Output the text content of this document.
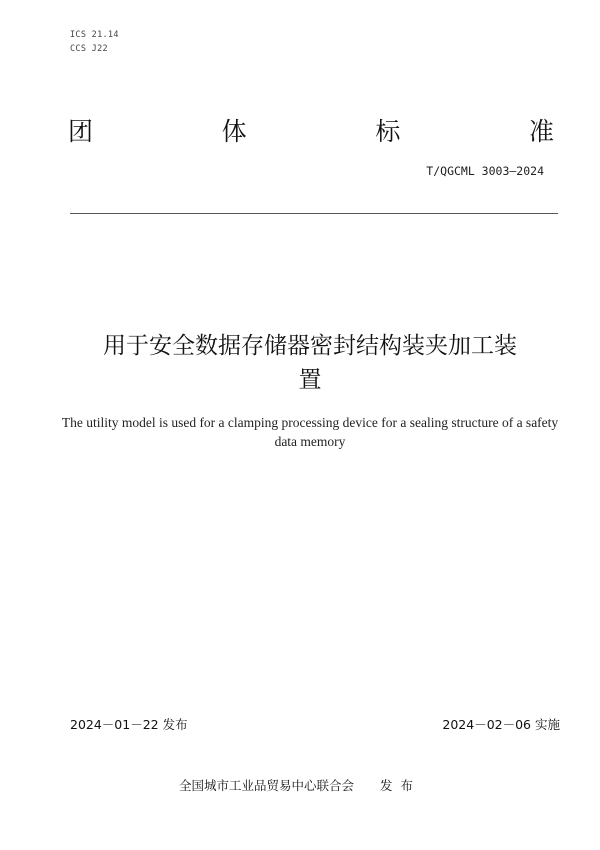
ICS 21.14
CCS J22
团	体	标	准
T/QGCML 3003—2024
用于安全数据存储器密封结构装夹加工装
置
The utility model is used for a clamping processing device for a sealing structure of a safety data memory
2024－01－22 发布	2024－02－06 实施
全国城市工业品贸易中心联合会 发布
